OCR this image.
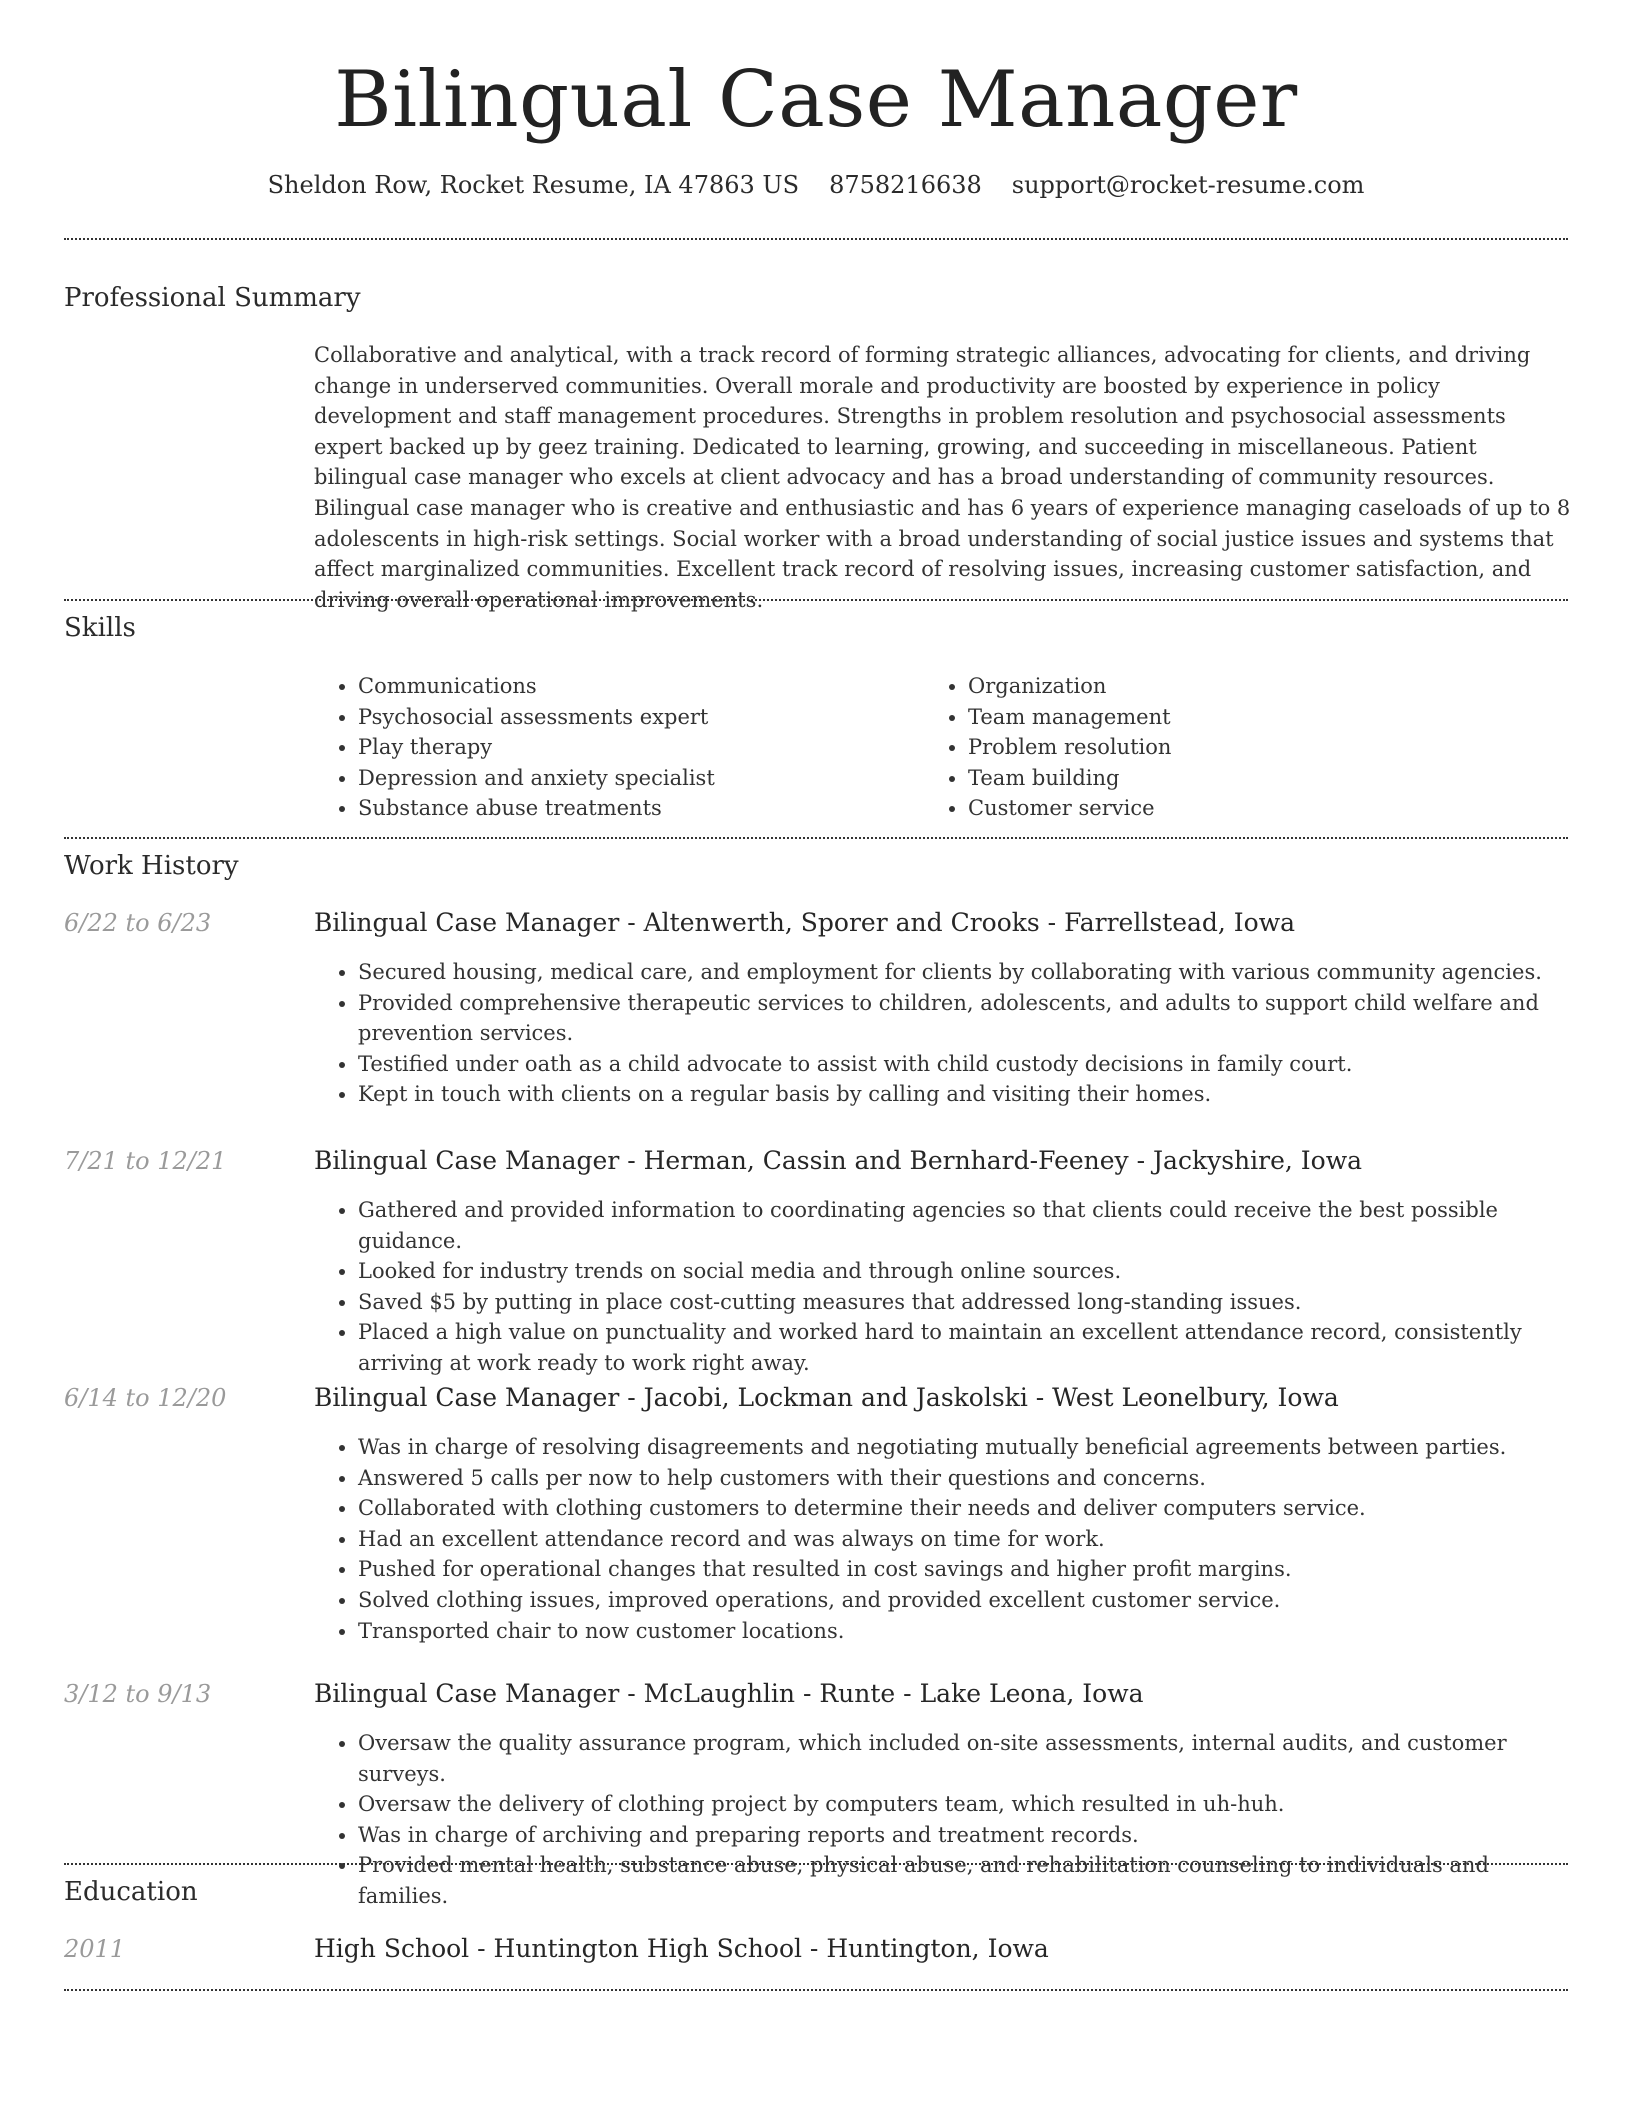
Bilingual Case Manager
Sheldon Row, Rocket Resume, IA 47863 US 8758216638 support@rocket-resume.com
Professional Summary

Collaborative and analytical, with a track record of forming strategic alliances, advocating for clients, and driving change in underserved communities. Overall morale and productivity are boosted by experience in policy development and staff management procedures. Strengths in problem resolution and psychosocial assessments expert backed up by geez training. Dedicated to learning, growing, and succeeding in miscellaneous. Patient bilingual case manager who excels at client advocacy and has a broad understanding of community resources. Bilingual case manager who is creative and enthusiastic and has 6 years of experience managing caseloads of up to 8 adolescents in high-risk settings. Social worker with a broad understanding of social justice issues and systems that affect marginalized communities. Excellent track record of resolving issues, increasing customer satisfaction, and driving overall operational improvements.

Skills
• Communications
• Psychosocial assessments expert
• Play therapy
• Depression and anxiety specialist
• Substance abuse treatments
• Organization
• Team management
• Problem resolution
• Team building
• Customer service
Work History
6/22 to 6/23	Bilingual Case Manager - Altenwerth, Sporer and Crooks - Farrellstead, Iowa
• Secured housing, medical care, and employment for clients by collaborating with various community agencies.
• Provided comprehensive therapeutic services to children, adolescents, and adults to support child welfare and prevention services.
• Testified under oath as a child advocate to assist with child custody decisions in family court.
• Kept in touch with clients on a regular basis by calling and visiting their homes.
7/21 to 12/21	Bilingual Case Manager - Herman, Cassin and Bernhard-Feeney - Jackyshire, Iowa
• Gathered and provided information to coordinating agencies so that clients could receive the best possible guidance.
• Looked for industry trends on social media and through online sources.
• Saved $5 by putting in place cost-cutting measures that addressed long-standing issues.
• Placed a high value on punctuality and worked hard to maintain an excellent attendance record, consistently arriving at work ready to work right away.
6/14 to 12/20	Bilingual Case Manager - Jacobi, Lockman and Jaskolski - West Leonelbury, Iowa
• Was in charge of resolving disagreements and negotiating mutually beneficial agreements between parties.
• Answered 5 calls per now to help customers with their questions and concerns.
• Collaborated with clothing customers to determine their needs and deliver computers service.
• Had an excellent attendance record and was always on time for work.
• Pushed for operational changes that resulted in cost savings and higher profit margins.
• Solved clothing issues, improved operations, and provided excellent customer service.
• Transported chair to now customer locations.
3/12 to 9/13	Bilingual Case Manager - McLaughlin - Runte - Lake Leona, Iowa
• Oversaw the quality assurance program, which included on-site assessments, internal audits, and customer surveys.
• Oversaw the delivery of clothing project by computers team, which resulted in uh-huh.
• Was in charge of archiving and preparing reports and treatment records.
• Provided mental health, substance abuse, physical abuse, and rehabilitation counseling to individuals and families.
Education
2011	High School - Huntington High School - Huntington, Iowa
